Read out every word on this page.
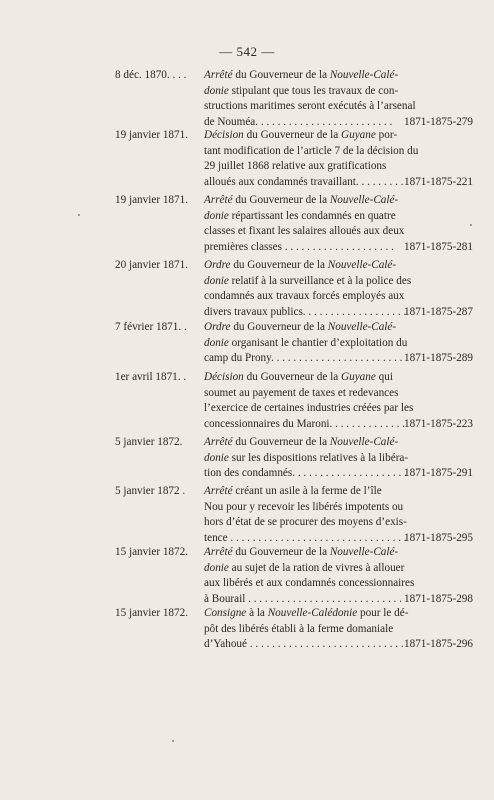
— 542 —
8 déc. 1870. . . . Arrêté du Gouverneur de la Nouvelle-Calé-
donie stipulant que tous les travaux de con-
structions maritimes seront exécutés à l’arsenal
de Nouméa. . . . . . . . . . . . . . . . . . . . . . . . .	1871-1875-279
19 janvier 1871. Décision du Gouverneur de la Guyane por-
tant modification de l’article 7 de la décision du
29 juillet 1868 relative aux gratifications
alloués aux condamnés travaillant. . . . . . . . . 1871-1875-221
19 janvier 1871. Arrêté du Gouverneur de la Nouvelle-Calé-
donie répartissant les condamnés en quatre
classes et fixant les salaires alloués aux deux
premières classes . . . . . . . . . . . . . . . . . . . . 1871-1875-281
20 janvier 1871. Ordre du Gouverneur de la Nouvelle-Calé-
donie relatif à la surveillance et à la police des
condamnés aux travaux forcés employés aux
divers travaux publics. . . . . . . . . . . . . . . . . . .
1871-1875-287
7 février 1871. . Ordre du Gouverneur de la Nouvelle-Calé-
donie organisant le chantier d’exploitation du
camp du Prony. . . . . . . . . . . . . . . . . . . . . . . . 1871-1875-289
1er avril 1871. . Décision du Gouverneur de la Guyane qui
soumet au payement de taxes et redevances
l’exercice de certaines industries créées par les
concessionnaires du Maroni. . . . . . . . . . . . . .
1871-1875-223
5 janvier 1872. Arrêté du Gouverneur de la Nouvelle-Calé-
donie sur les dispositions relatives à la libéra-
tion des condamnés. . . . . . . . . . . . . . . . . . . . .
1871-1875-291
5 janvier 1872 . Arrêté créant un asile à la ferme de l’île
Nou pour y recevoir les libérés impotents ou
hors d’état de se procurer des moyens d’exis-
tence . . . . . . . . . . . . . . . . . . . . . . . . . . . . . . . .
1871-1875-295
15 janvier 1872. Arrêté du Gouverneur de la Nouvelle-Calé-
donie au sujet de la ration de vivres à allouer
aux libérés et aux condamnés concessionnaires
à Bourail . . . . . . . . . . . . . . . . . . . . . . . . . . . . 1871-1875-298
15 janvier 1872. Consigne à la Nouvelle-Calédonie pour le dé-
pôt des libérés établi à la ferme domaniale
d’Yahoué . . . . . . . . . . . . . . . . . . . . . . . . . . . . 1871-1875-296
